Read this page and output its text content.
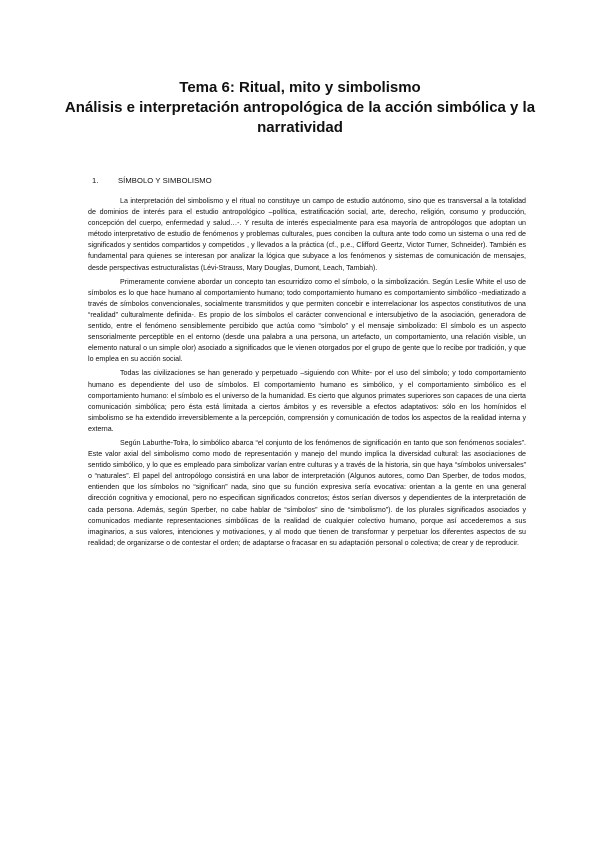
Tema 6: Ritual, mito y simbolismo
Análisis e interpretación antropológica de la acción simbólica y la narratividad
1.	SÍMBOLO Y SIMBOLISMO

La interpretación del simbolismo y el ritual no constituye un campo de estudio autónomo, sino que es transversal a la totalidad de dominios de interés para el estudio antropológico –política, estratificación social, arte, derecho, religión, consumo y producción, concepción del cuerpo, enfermedad y salud…-. Y resulta de interés especialmente para esa mayoría de antropólogos que adoptan un método interpretativo de estudio de fenómenos y problemas culturales, pues conciben la cultura ante todo como un sistema o una red de significados y sentidos compartidos y competidos , y llevados a la práctica (cf., p.e., Clifford Geertz, Victor Turner, Schneider). También es fundamental para quienes se interesan por analizar la lógica que subyace a los fenómenos y sistemas de comunicación de mensajes, desde perspectivas estructuralistas (Lévi-Strauss, Mary Douglas, Dumont, Leach, Tambiah).

Primeramente conviene abordar un concepto tan escurridizo como el símbolo, o la simbolización. Según Leslie White el uso de símbolos es lo que hace humano al comportamiento humano; todo comportamiento humano es comportamiento simbólico -mediatizado a través de símbolos convencionales, socialmente transmitidos y que permiten concebir e interrelacionar los aspectos constitutivos de una “realidad” culturalmente definida-. Es propio de los símbolos el carácter convencional e intersubjetivo de la asociación, generadora de sentido, entre el fenómeno sensiblemente percibido que actúa como “símbolo” y el mensaje simbolizado: El símbolo es un aspecto sensorialmente perceptible en el entorno (desde una palabra a una persona, un artefacto, un comportamiento, una relación visible, un elemento natural o un simple olor) asociado a significados que le vienen otorgados por el grupo de gente que lo recibe por tradición, y que lo emplea en su acción social.

Todas las civilizaciones se han generado y perpetuado –siguiendo con White- por el uso del símbolo; y todo comportamiento humano es dependiente del uso de símbolos. El comportamiento humano es simbólico, y el comportamiento simbólico es el comportamiento humano: el símbolo es el universo de la humanidad. Es cierto que algunos primates superiores son capaces de una cierta comunicación simbólica; pero ésta está limitada a ciertos ámbitos y es reversible a efectos adaptativos: sólo en los homínidos el simbolismo se ha extendido irreversiblemente a la percepción, comprensión y comunicación de todos los aspectos de la realidad interna y externa.

Según Laburthe-Tolra, lo simbólico abarca “el conjunto de los fenómenos de significación en tanto que son fenómenos sociales”. Este valor axial del simbolismo como modo de representación y manejo del mundo implica la diversidad cultural: las asociaciones de sentido simbólico, y lo que es empleado para simbolizar varían entre culturas y a través de la historia, sin que haya “símbolos universales” o “naturales”. El papel del antropólogo consistirá en una labor de interpretación (Algunos autores, como Dan Sperber, de todos modos, entienden que los símbolos no “significan” nada, sino que su función expresiva sería evocativa: orientan a la gente en una general dirección cognitiva y emocional, pero no especifican significados concretos; éstos serían diversos y dependientes de la interpretación de cada persona. Además, según Sperber, no cabe hablar de “símbolos” sino de “simbolismo”). de los plurales significados asociados y comunicados mediante representaciones simbólicas de la realidad de cualquier colectivo humano, porque así accederemos a sus imaginarios, a sus valores, intenciones y motivaciones, y al modo que tienen de transformar y perpetuar los diferentes aspectos de su realidad; de organizarse o de contestar el orden; de adaptarse o fracasar en su adaptación personal o colectiva; de crear y de reproducir.
